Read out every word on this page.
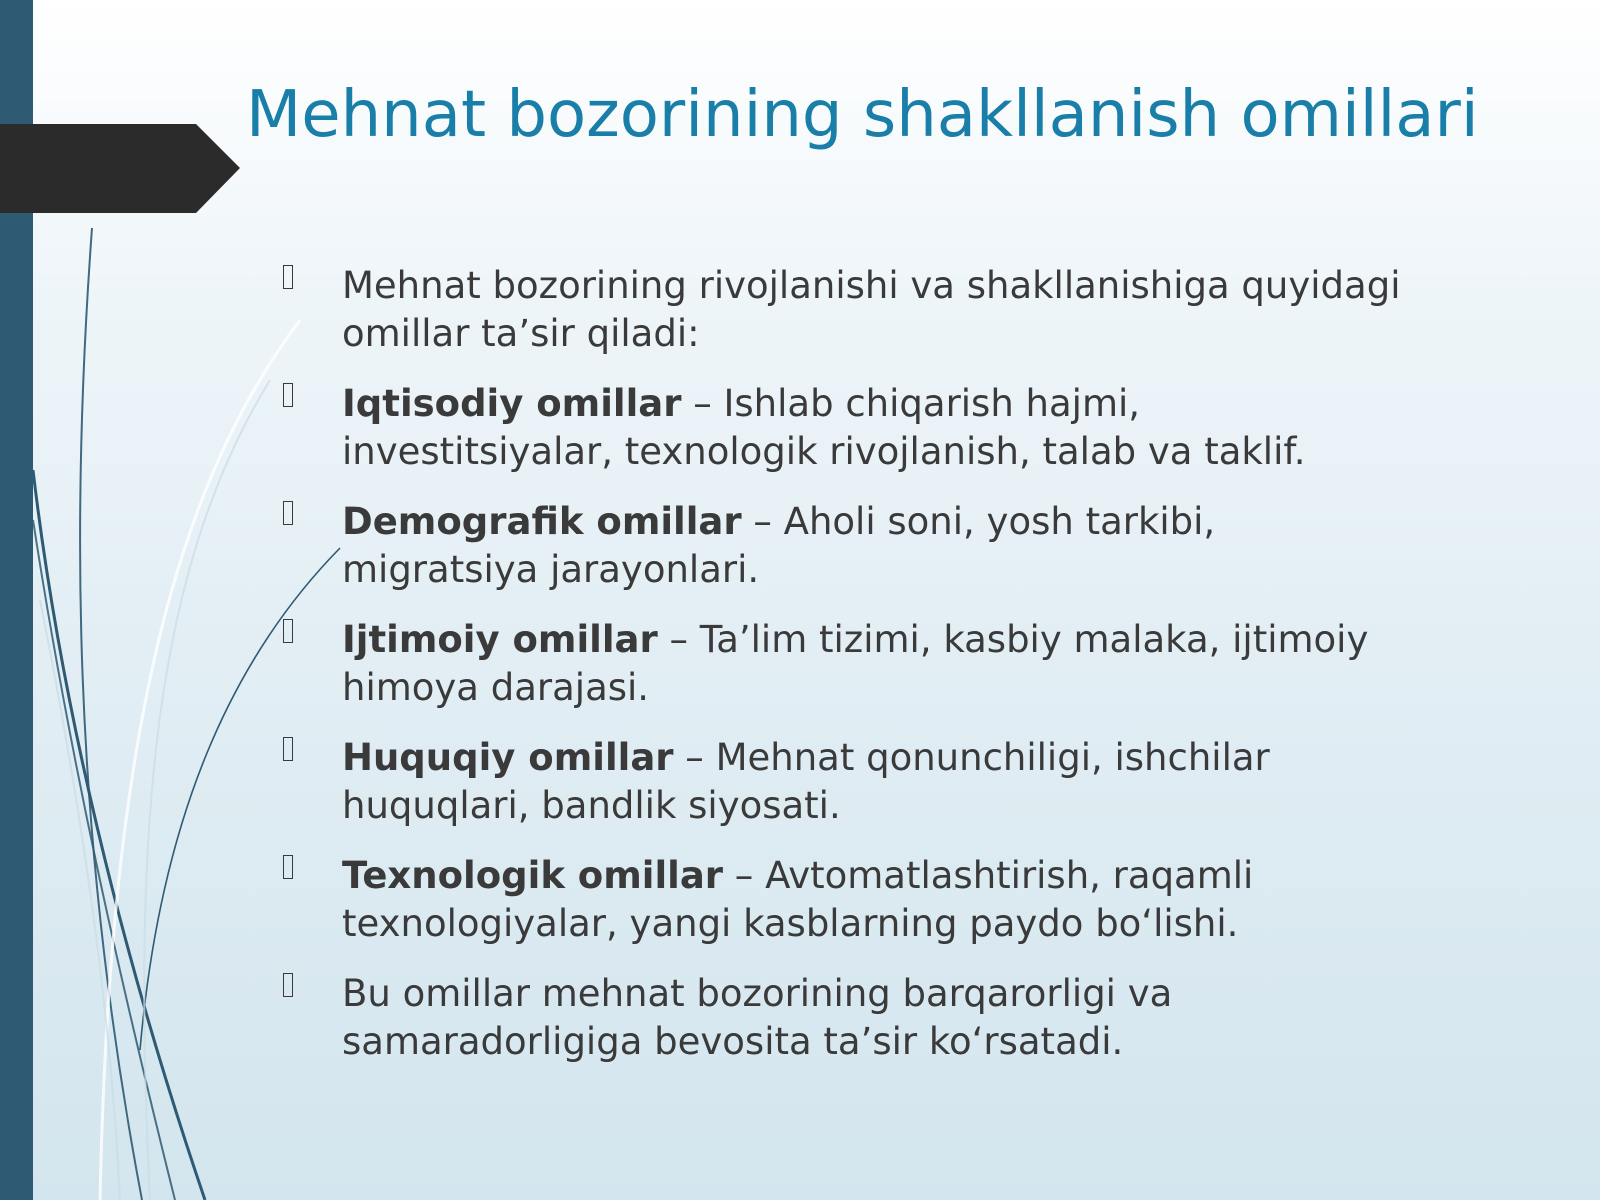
Mehnat bozorining shakllanish omillari
Mehnat bozorining rivojlanishi va shakllanishiga quyidagi omillar ta’sir qiladi:
Iqtisodiy omillar – Ishlab chiqarish hajmi, investitsiyalar, texnologik rivojlanish, talab va taklif.
Demografik omillar – Aholi soni, yosh tarkibi, migratsiya jarayonlari.
Ijtimoiy omillar – Ta’lim tizimi, kasbiy malaka, ijtimoiy himoya darajasi.
Huquqiy omillar – Mehnat qonunchiligi, ishchilar huquqlari, bandlik siyosati.
Texnologik omillar – Avtomatlashtirish, raqamli texnologiyalar, yangi kasblarning paydo bo‘lishi.
Bu omillar mehnat bozorining barqarorligi va samaradorligiga bevosita ta’sir ko‘rsatadi.
